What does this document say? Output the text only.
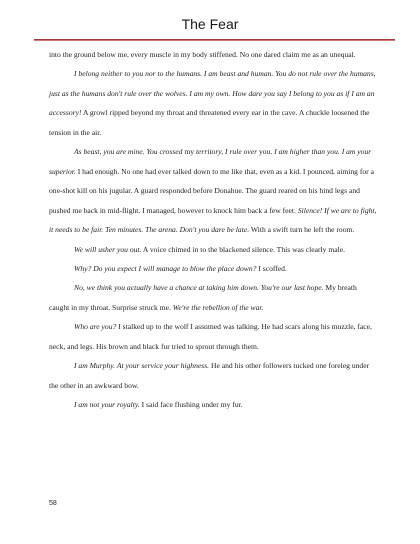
The Fear

into the ground below me, every muscle in my body stiffened. No one dared claim me as an unequal.

I belong neither to you nor to the humans. I am beast and human. You do not rule over the humans, just as the humans don't rule over the wolves. I am my own. How dare you say I belong to you as if I am an accessory! A growl ripped beyond my throat and threatened every ear in the cave. A chuckle loosened the tension in the air.

As beast, you are mine. You crossed my territory, I rule over you. I am higher than you. I am your superior. I had enough. No one had ever talked down to me like that, even as a kid. I pounced, aiming for a one-shot kill on his jugular. A guard responded before Donahue. The guard reared on his hind legs and pushed me back in mid-flight. I managed, however to knock him back a few feet. Silence! If we are to fight, it needs to be fair. Ten minutes. The arena. Don't you dare be late. With a swift turn he left the room.

We will usher you out. A voice chimed in to the blackened silence. This was clearly male.

Why? Do you expect I will manage to blow the place down? I scoffed.

No, we think you actually have a chance at taking him down. You're our last hope. My breath caught in my throat. Surprise struck me. We're the rebellion of the war.

Who are you? I stalked up to the wolf I assumed was talking. He had scars along his muzzle, face, neck, and legs. His brown and black fur tried to sprout through them.

I am Murphy. At your service your highness. He and his other followers tucked one foreleg under the other in an awkward bow.

I am not your royalty. I said face flushing under my fur.

58
